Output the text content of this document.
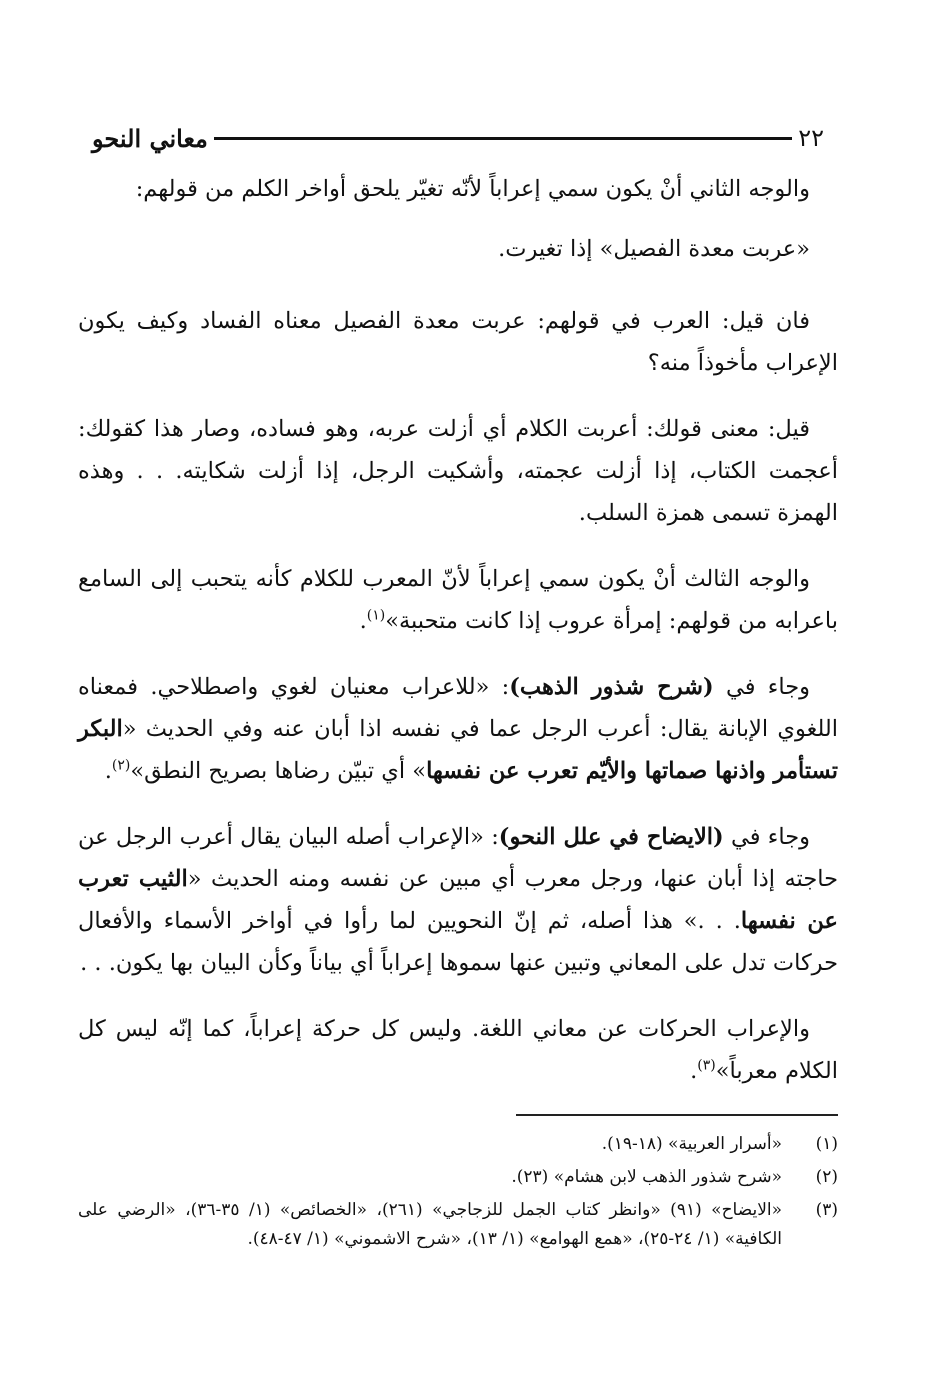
٢٢
معاني النحو

والوجه الثاني أنْ يكون سمي إعراباً لأنّه تغيّر يلحق أواخر الكلم من قولهم:

«عربت معدة الفصيل» إذا تغيرت.

فان قيل: العرب في قولهم: عربت معدة الفصيل معناه الفساد وكيف يكون الإعراب مأخوذاً منه؟

قيل: معنى قولك: أعربت الكلام أي أزلت عربه، وهو فساده، وصار هذا كقولك: أعجمت الكتاب، إذا أزلت عجمته، وأشكيت الرجل، إذا أزلت شكايته. . . وهذه الهمزة تسمى همزة السلب.

والوجه الثالث أنْ يكون سمي إعراباً لأنّ المعرب للكلام كأنه يتحبب إلى السامع باعرابه من قولهم: إمرأة عروب إذا كانت متحببة»$^{(١)}$.

وجاء في (شرح شذور الذهب): «للاعراب معنيان لغوي واصطلاحي. فمعناه اللغوي الإبانة يقال: أعرب الرجل عما في نفسه اذا أبان عنه وفي الحديث «البكر تستأمر واذنها صماتها والأيّم تعرب عن نفسها» أي تبيّن رضاها بصريح النطق»$^{(٢)}$.

وجاء في (الايضاح في علل النحو): «الإعراب أصله البيان يقال أعرب الرجل عن حاجته إذا أبان عنها، ورجل معرب أي مبين عن نفسه ومنه الحديث «الثيب تعرب عن نفسها. . .» هذا أصله، ثم إنّ النحويين لما رأوا في أواخر الأسماء والأفعال حركات تدل على المعاني وتبين عنها سموها إعراباً أي بياناً وكأن البيان بها يكون. . .

والإعراب الحركات عن معاني اللغة. وليس كل حركة إعراباً، كما إنّه ليس كل الكلام معرباً»$^{(٣)}$.

(١)
«أسرار العربية» (١٨-١٩).
(٢)
«شرح شذور الذهب لابن هشام» (٢٣).
(٣)
«الايضاح» (٩١) «وانظر كتاب الجمل للزجاجي» (٢٦١)، «الخصائص» (١/ ٣٥-٣٦)، «الرضي على الكافية» (١/ ٢٤-٢٥)، «همع الهوامع» (١/ ١٣)، «شرح الاشموني» (١/ ٤٧-٤٨).
